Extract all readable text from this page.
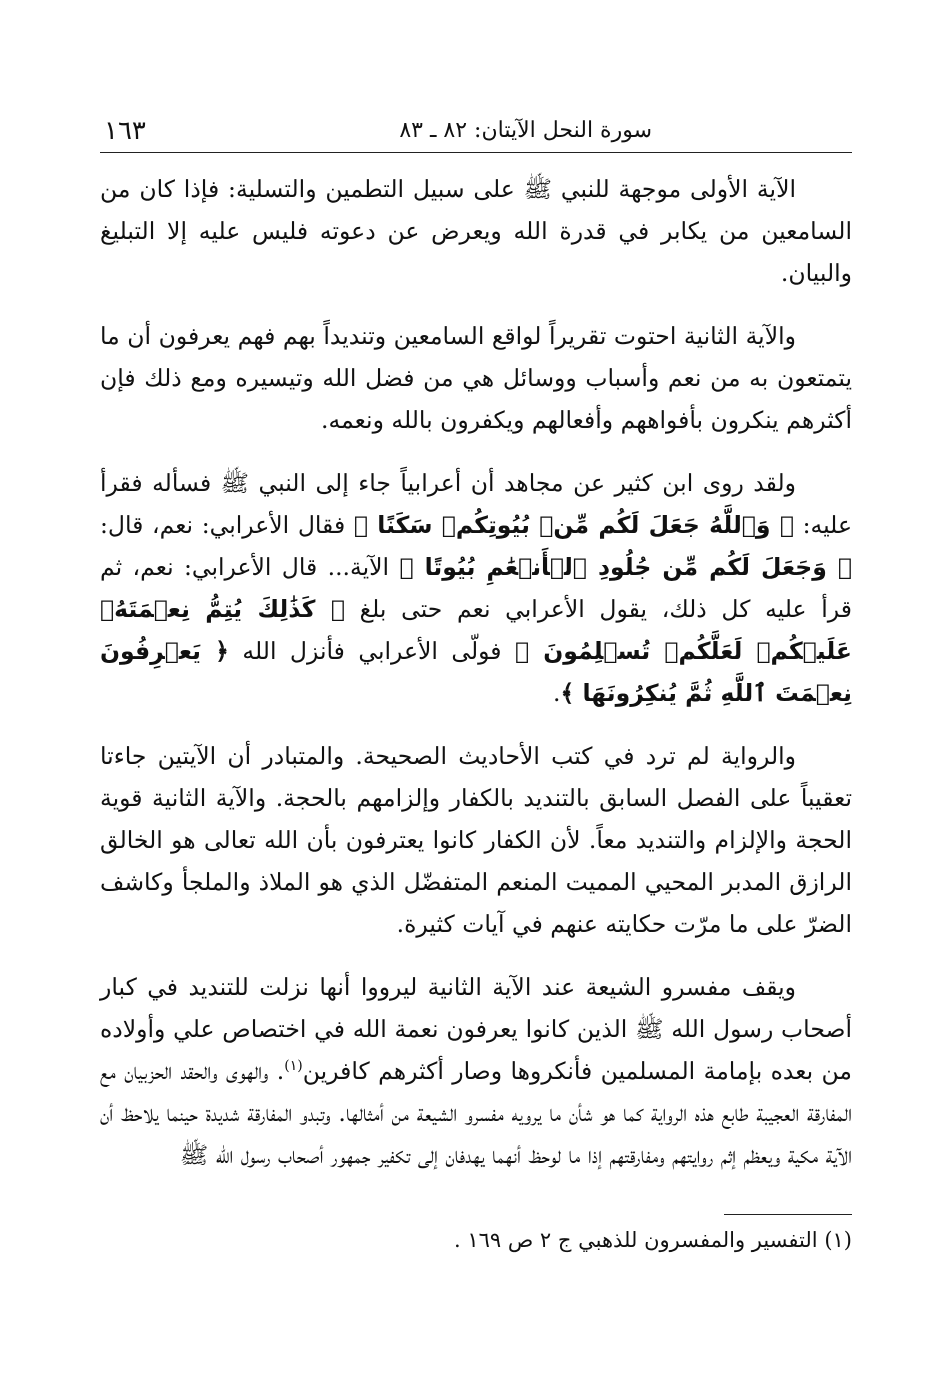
سورة النحل الآيتان: ٨٢ ـ ٨٣
١٦٣

الآية الأولى موجهة للنبي ﷺ على سبيل التطمين والتسلية: فإذا كان من السامعين من يكابر في قدرة الله ويعرض عن دعوته فليس عليه إلا التبليغ والبيان.

والآية الثانية احتوت تقريراً لواقع السامعين وتنديداً بهم فهم يعرفون أن ما يتمتعون به من نعم وأسباب ووسائل هي من فضل الله وتيسيره ومع ذلك فإن أكثرهم ينكرون بأفواههم وأفعالهم ويكفرون بالله ونعمه.

ولقد روى ابن كثير عن مجاهد أن أعرابياً جاء إلى النبي ﷺ فسأله فقرأ عليه: ﴿ وَٱللَّهُ جَعَلَ لَكُم مِّنۢ بُيُوتِكُمۡ سَكَنًا ﴾ فقال الأعرابي: نعم، قال: ﴿ وَجَعَلَ لَكُم مِّن جُلُودِ ٱلۡأَنۡعَٰمِ بُيُوتًا ﴾ الآية... قال الأعرابي: نعم، ثم قرأ عليه كل ذلك، يقول الأعرابي نعم حتى بلغ ﴿ كَذَٰلِكَ يُتِمُّ نِعۡمَتَهُۥ عَلَيۡكُمۡ لَعَلَّكُمۡ تُسۡلِمُونَ ﴾ فولّى الأعرابي فأنزل الله ﴿ يَعۡرِفُونَ نِعۡمَتَ ٱللَّهِ ثُمَّ يُنكِرُونَهَا ﴾.

والرواية لم ترد في كتب الأحاديث الصحيحة. والمتبادر أن الآيتين جاءتا تعقيباً على الفصل السابق بالتنديد بالكفار وإلزامهم بالحجة. والآية الثانية قوية الحجة والإلزام والتنديد معاً. لأن الكفار كانوا يعترفون بأن الله تعالى هو الخالق الرازق المدبر المحيي المميت المنعم المتفضّل الذي هو الملاذ والملجأ وكاشف الضرّ على ما مرّت حكايته عنهم في آيات كثيرة.

ويقف مفسرو الشيعة عند الآية الثانية ليرووا أنها نزلت للتنديد في كبار أصحاب رسول الله ﷺ الذين كانوا يعرفون نعمة الله في اختصاص علي وأولاده من بعده بإمامة المسلمين فأنكروها وصار أكثرهم كافرين$^{(١)}$. والهوى والحقد الحزبيان مع المفارقة العجيبة طابع هذه الرواية كما هو شأن ما يرويه مفسرو الشيعة من أمثالها. وتبدو المفارقة شديدة حينما يلاحظ أن الآية مكية ويعظم إثم روايتهم ومفارقتهم إذا ما لوحظ أنهما يهدفان إلى تكفير جمهور أصحاب رسول الله ﷺ

(١) التفسير والمفسرون للذهبي ج ٢ ص ١٦٩ .
